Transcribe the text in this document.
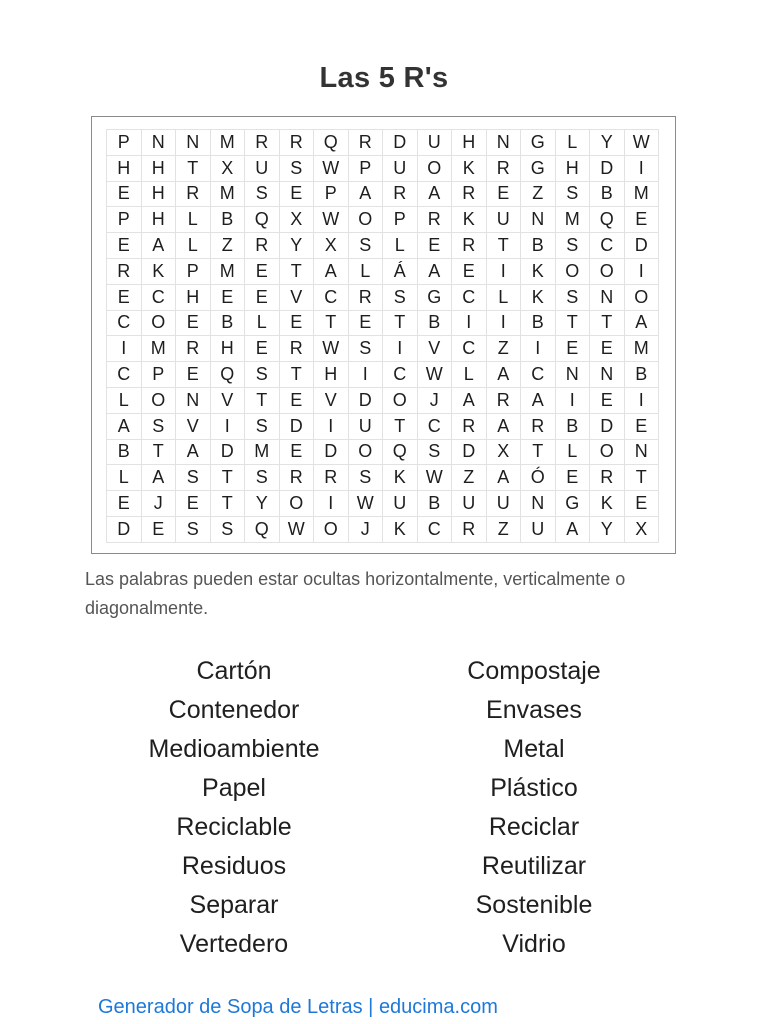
Las 5 R's
P	N	N	M	R	R	Q	R	D	U	H	N	G	L	Y	W
H	H	T	X	U	S	W	P	U	O	K	R	G	H	D	I
E	H	R	M	S	E	P	A	R	A	R	E	Z	S	B	M
P	H	L	B	Q	X	W	O	P	R	K	U	N	M	Q	E
E	A	L	Z	R	Y	X	S	L	E	R	T	B	S	C	D
R	K	P	M	E	T	A	L	Á	A	E	I	K	O	O	I
E	C	H	E	E	V	C	R	S	G	C	L	K	S	N	O
C	O	E	B	L	E	T	E	T	B	I	I	B	T	T	A
I	M	R	H	E	R	W	S	I	V	C	Z	I	E	E	M
C	P	E	Q	S	T	H	I	C	W	L	A	C	N	N	B
L	O	N	V	T	E	V	D	O	J	A	R	A	I	E	I
A	S	V	I	S	D	I	U	T	C	R	A	R	B	D	E
B	T	A	D	M	E	D	O	Q	S	D	X	T	L	O	N
L	A	S	T	S	R	R	S	K	W	Z	A	Ó	E	R	T
E	J	E	T	Y	O	I	W	U	B	U	U	N	G	K	E
D	E	S	S	Q	W	O	J	K	C	R	Z	U	A	Y	X
Las palabras pueden estar ocultas horizontalmente, verticalmente o diagonalmente.
Cartón
Contenedor
Medioambiente
Papel
Reciclable
Residuos
Separar
Vertedero
Compostaje
Envases
Metal
Plástico
Reciclar
Reutilizar
Sostenible
Vidrio
Generador de Sopa de Letras | educima.com
